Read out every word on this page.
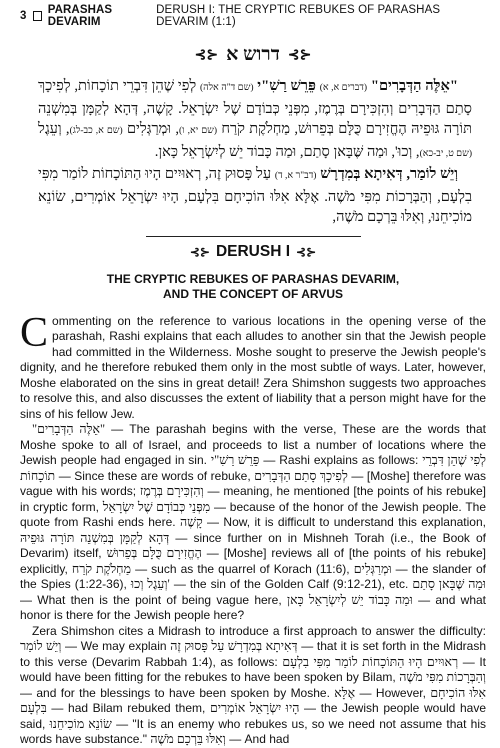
3 PARASHAS DEVARIM
DERUSH I: THE CRYPTIC REBUKES OF PARASHAS DEVARIM (1:1)
⊰⊱
דרוש א
⊰⊱

"אֵלֶּה הַדְּבָרִים" (דברים א, א) פֵּרֵשׁ רַשִׁ"י (שם ד"ה אלה) לְפִי שֶׁהֵן דִּבְרֵי תוֹכָחוֹת, לְפִיכָךְ סָתַם הַדְּבָרִים וְהִזְכִּירָם בְּרֶמֶז, מִפְּנֵי כְּבוֹדָם שֶׁל יִשְׂרָאֵל. קָשֶׁה, דְּהָא לְקַמָּן בְּמִשְׁנֵה תּוֹרָה גּוּפֵיהּ הֶחֱזִירָם כֻּלָּם בְּפֵרוּשׁ, מַחְלֹקֶת קֹרַח (שם יא, ו), וּמְרַגְּלִים (שם א, כב-לג), וְעֵגֶל (שם ט, יב-כא), וְכוּ', וּמַה שֶּׁבָּאן סָתַם, וּמַה כָּבוֹד יֵשׁ לְיִשְׂרָאֵל כָּאן.

וְיֵשׁ לוֹמַר, דְּאִיתָא בְּמִדְרָשׁ (דב"ר א, ד) עַל פָּסוּק זֶה, רְאוּיִים הָיוּ הַתּוֹכָחוֹת לוֹמַר מִפִּי בִלְעָם, וְהַבְּרָכוֹת מִפִּי מֹשֶׁה. אֶלָּא אִלּוּ הוֹכִיחָם בִּלְעָם, הָיוּ יִשְׂרָאֵל אוֹמְרִים, שׂוֹנֵא מוֹכִיחֵנוּ, וְאִלּוּ בֵּרְכָם מֹשֶׁה,

⊰⊱ DERUSH I ⊰⊱
THE CRYPTIC REBUKES OF PARASHAS DEVARIM,
AND THE CONCEPT OF ARVUS

Commenting on the reference to various locations in the opening verse of the parashah, Rashi explains that each alludes to another sin that the Jewish people had committed in the Wilderness. Moshe sought to preserve the Jewish people's dignity, and he therefore rebuked them only in the most subtle of ways. Later, however, Moshe elaborated on the sins in great detail! Zera Shimshon suggests two approaches to resolve this, and also discusses the extent of liability that a person might have for the sins of his fellow Jew.

"אֵלֶּה הַדְּבָרִים" — The parashah begins with the verse, These are the words that Moshe spoke to all of Israel, and proceeds to list a number of locations where the Jewish people had engaged in sin. פֵּרֵשׁ רַשִׁ"י — Rashi explains as follows: לְפִי שֶׁהֵן דִּבְרֵי תוֹכָחוֹת — Since these are words of rebuke, לְפִיכָךְ סָתַם הַדְּבָרִים — [Moshe] therefore was vague with his words; וְהִזְכִּירָם בְּרֶמֶז — meaning, he mentioned [the points of his rebuke] in cryptic form, מִפְּנֵי כְּבוֹדָם שֶׁל יִשְׂרָאֵל — because of the honor of the Jewish people. The quote from Rashi ends here. קָשֶׁה — Now, it is difficult to understand this explanation, דְּהָא לְקַמָּן בְּמִשְׁנֵה תּוֹרָה גּוּפֵיהּ — since further on in Mishneh Torah (i.e., the Book of Devarim) itself, הֶחֱזִירָם כֻּלָּם בְּפֵרוּשׁ — [Moshe] reviews all of [the points of his rebuke] explicitly, מַחְלֹקֶת קֹרַח — such as the quarrel of Korach (11:6), וּמְרַגְּלִים — the slander of the Spies (1:22-36), וְעֵגֶל וְכוּ' — the sin of the Golden Calf (9:12-21), etc. וּמַה שֶּׁבָּאן סָתַם — What then is the point of being vague here, וּמַה כָּבוֹד יֵשׁ לְיִשְׂרָאֵל כָּאן — and what honor is there for the Jewish people here?

Zera Shimshon cites a Midrash to introduce a first approach to answer the difficulty: וְיֵשׁ לוֹמַר — We may explain דְּאִיתָא בְּמִדְרָשׁ עַל פָּסוּק זֶה — that it is set forth in the Midrash to this verse (Devarim Rabbah 1:4), as follows: רְאוּיִים הָיוּ הַתּוֹכָחוֹת לוֹמַר מִפִּי בִלְעָם — It would have been fitting for the rebukes to have been spoken by Bilam, וְהַבְּרָכוֹת מִפִּי מֹשֶׁה — and for the blessings to have been spoken by Moshe. אֶלָּא — However, אִלּוּ הוֹכִיחָם בִּלְעָם — had Bilam rebuked them, הָיוּ יִשְׂרָאֵל אוֹמְרִים — the Jewish people would have said, שׂוֹנֵא מוֹכִיחֵנוּ — "It is an enemy who rebukes us, so we need not assume that his words have substance." וְאִלּוּ בֵּרְכָם מֹשֶׁה — And had
